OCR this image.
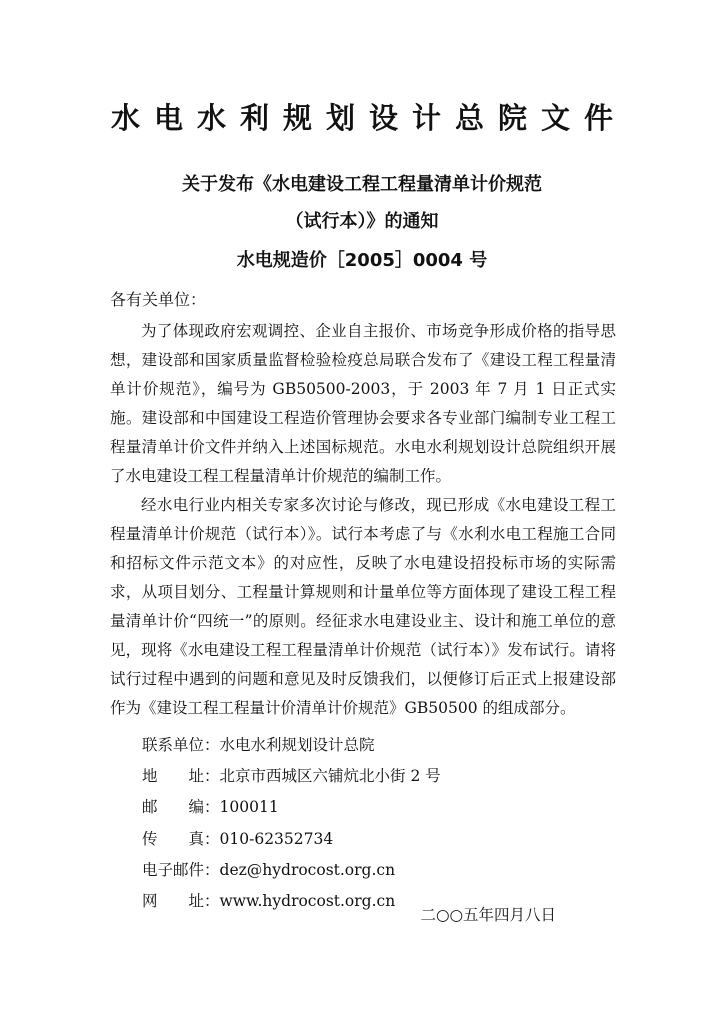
水电水利规划设计总院文件
关于发布《水电建设工程工程量清单计价规范
（试行本）》的通知
水电规造价［2005］0004 号
各有关单位：
为了体现政府宏观调控、企业自主报价、市场竞争形成价格的指导思想，建设部和国家质量监督检验检疫总局联合发布了《建设工程工程量清单计价规范》，编号为 GB50500-2003，于 2003 年 7 月 1 日正式实施。建设部和中国建设工程造价管理协会要求各专业部门编制专业工程工程量清单计价文件并纳入上述国标规范。水电水利规划设计总院组织开展了水电建设工程工程量清单计价规范的编制工作。
经水电行业内相关专家多次讨论与修改，现已形成《水电建设工程工程量清单计价规范（试行本）》。试行本考虑了与《水利水电工程施工合同和招标文件示范文本》的对应性，反映了水电建设招投标市场的实际需求，从项目划分、工程量计算规则和计量单位等方面体现了建设工程工程量清单计价“四统一”的原则。经征求水电建设业主、设计和施工单位的意见，现将《水电建设工程工程量清单计价规范（试行本）》发布试行。请将试行过程中遇到的问题和意见及时反馈我们，以便修订后正式上报建设部作为《建设工程工程量计价清单计价规范》GB50500 的组成部分。
联系单位：水电水利规划设计总院
地　　址：北京市西城区六铺炕北小街 2 号
邮　　编：100011
传　　真：010-62352734
电子邮件：dez@hydrocost.org.cn
网　　址：www.hydrocost.org.cn
二○○五年四月八日
